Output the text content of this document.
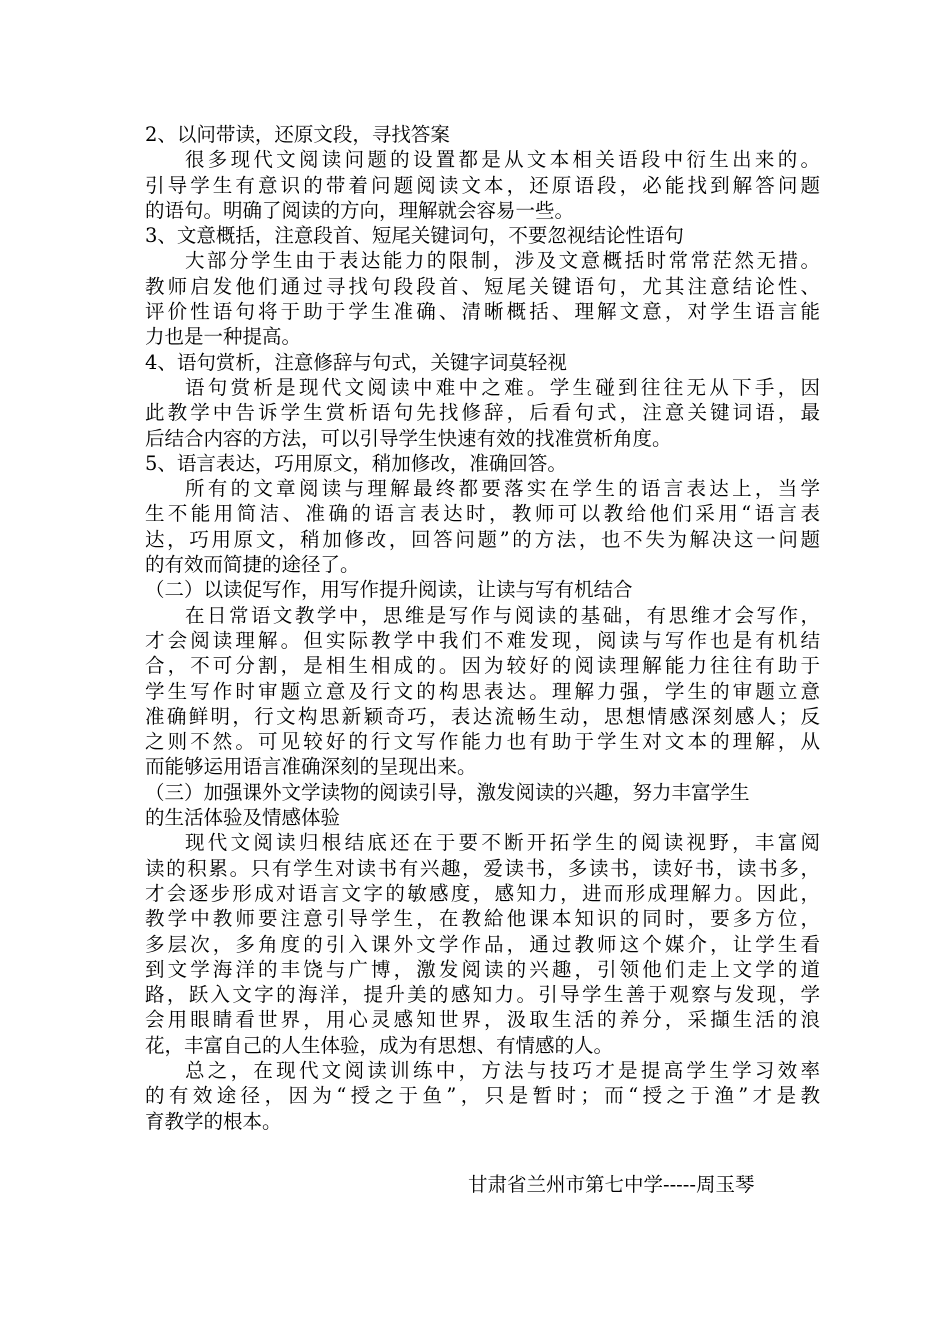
2、以问带读，还原文段，寻找答案
很多现代文阅读问题的设置都是从文本相关语段中衍生出来的。
引导学生有意识的带着问题阅读文本，还原语段，必能找到解答问题
的语句。明确了阅读的方向，理解就会容易一些。
3、文意概括，注意段首、短尾关键词句，不要忽视结论性语句
大部分学生由于表达能力的限制，涉及文意概括时常常茫然无措。
教师启发他们通过寻找句段段首、短尾关键语句，尤其注意结论性、
评价性语句将于助于学生准确、清晰概括、理解文意，对学生语言能
力也是一种提高。
4、语句赏析，注意修辞与句式，关键字词莫轻视
语句赏析是现代文阅读中难中之难。学生碰到往往无从下手，因
此教学中告诉学生赏析语句先找修辞，后看句式，注意关键词语，最
后结合内容的方法，可以引导学生快速有效的找准赏析角度。
5、语言表达，巧用原文，稍加修改，准确回答。
所有的文章阅读与理解最终都要落实在学生的语言表达上，当学
生不能用简洁、准确的语言表达时，教师可以教给他们采用“语言表
达，巧用原文，稍加修改，回答问题”的方法，也不失为解决这一问题
的有效而简捷的途径了。
（二）以读促写作，用写作提升阅读，让读与写有机结合
在日常语文教学中，思维是写作与阅读的基础，有思维才会写作，
才会阅读理解。但实际教学中我们不难发现，阅读与写作也是有机结
合，不可分割，是相生相成的。因为较好的阅读理解能力往往有助于
学生写作时审题立意及行文的构思表达。理解力强，学生的审题立意
准确鲜明，行文构思新颖奇巧，表达流畅生动，思想情感深刻感人；反
之则不然。可见较好的行文写作能力也有助于学生对文本的理解，从
而能够运用语言准确深刻的呈现出来。
（三）加强课外文学读物的阅读引导，激发阅读的兴趣，努力丰富学生
的生活体验及情感体验
现代文阅读归根结底还在于要不断开拓学生的阅读视野，丰富阅
读的积累。只有学生对读书有兴趣，爱读书，多读书，读好书，读书多，
才会逐步形成对语言文字的敏感度，感知力，进而形成理解力。因此，
教学中教师要注意引导学生，在教給他课本知识的同时，要多方位，
多层次，多角度的引入课外文学作品，通过教师这个媒介，让学生看
到文学海洋的丰饶与广博，激发阅读的兴趣，引领他们走上文学的道
路，跃入文字的海洋，提升美的感知力。引导学生善于观察与发现，学
会用眼睛看世界，用心灵感知世界，汲取生活的养分，采擷生活的浪
花，丰富自己的人生体验，成为有思想、有情感的人。
总之，在现代文阅读训练中，方法与技巧才是提高学生学习效率
的有效途径，因为“授之于鱼”，只是暂时；而“授之于渔”才是教
育教学的根本。
甘肃省兰州市第七中学-----周玉琴
